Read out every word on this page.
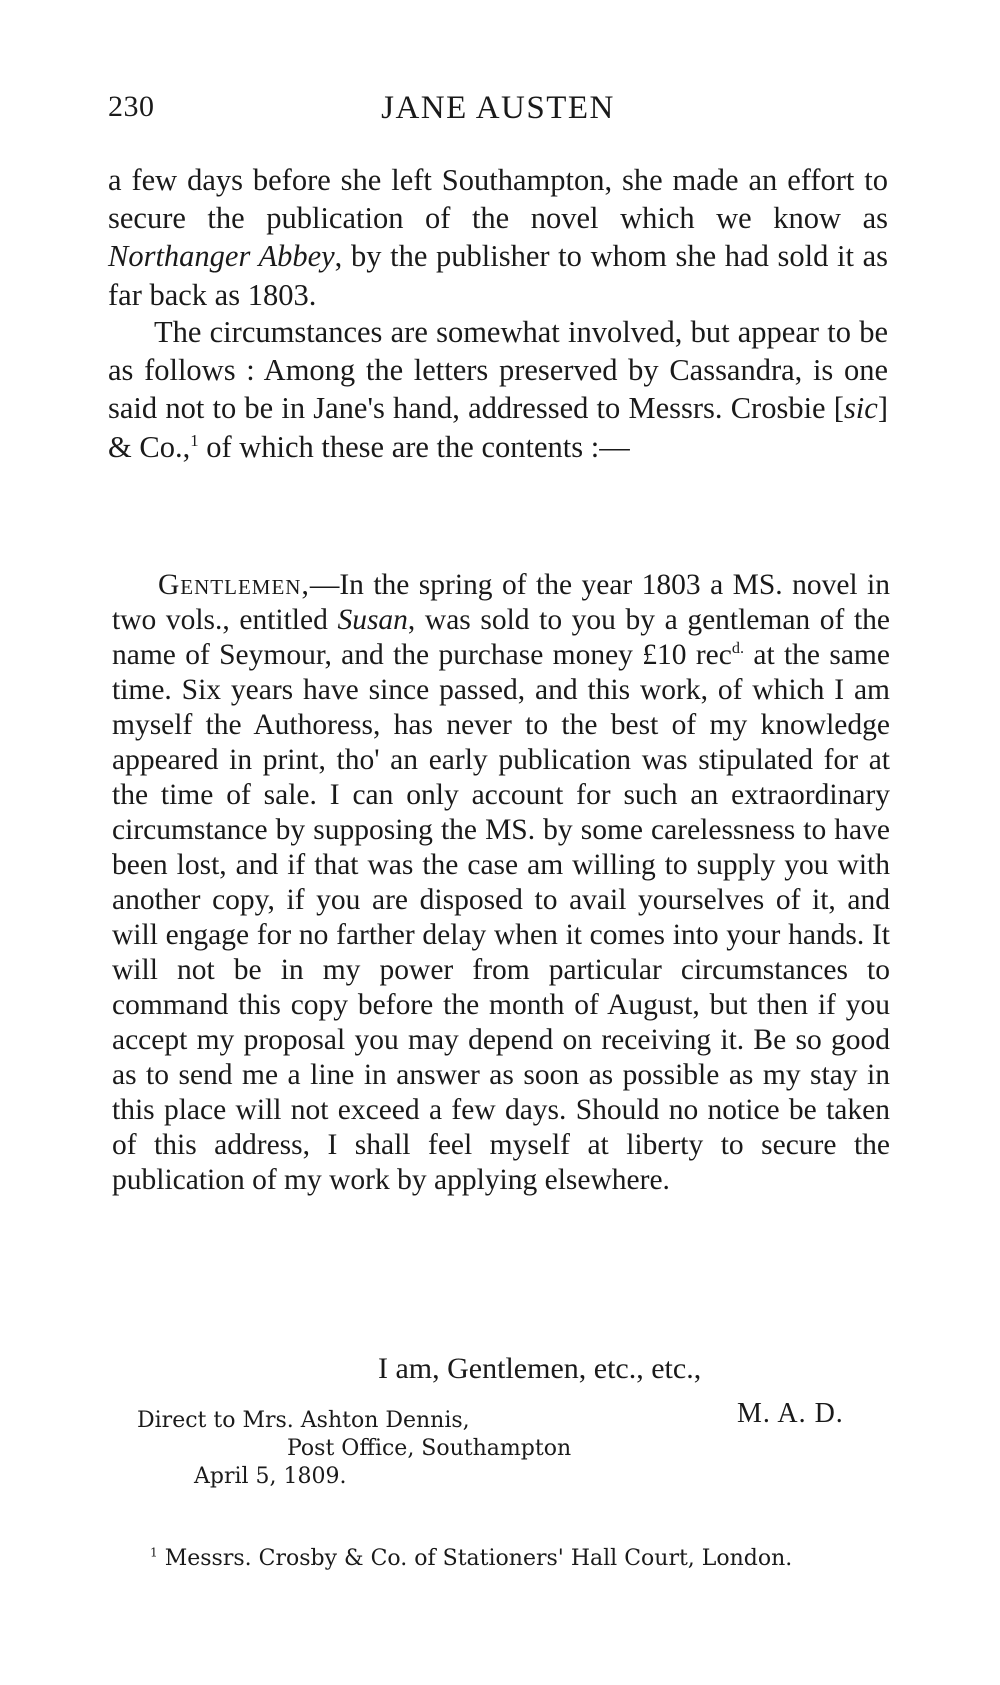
230	JANE AUSTEN

a few days before she left Southampton, she made an effort to secure the publication of the novel which we know as Northanger Abbey, by the publisher to whom she had sold it as far back as 1803.

The circumstances are somewhat involved, but appear to be as follows : Among the letters preserved by Cassandra, is one said not to be in Jane's hand, addressed to Messrs. Crosbie [sic] & Co.,$^1$ of which these are the contents :—

Gentlemen,—In the spring of the year 1803 a MS. novel in two vols., entitled Susan, was sold to you by a gentleman of the name of Seymour, and the purchase money £10 rec$^{d.}$ at the same time. Six years have since passed, and this work, of which I am myself the Authoress, has never to the best of my knowledge appeared in print, tho' an early publication was stipulated for at the time of sale. I can only account for such an extraordinary circumstance by supposing the MS. by some carelessness to have been lost, and if that was the case am willing to supply you with another copy, if you are disposed to avail yourselves of it, and will engage for no farther delay when it comes into your hands. It will not be in my power from particular circumstances to command this copy before the month of August, but then if you accept my proposal you may depend on receiving it. Be so good as to send me a line in answer as soon as possible as my stay in this place will not exceed a few days. Should no notice be taken of this address, I shall feel myself at liberty to secure the publication of my work by applying elsewhere.

I am, Gentlemen, etc., etc.,
M. A. D.
Direct to Mrs. Ashton Dennis,
Post Office, Southampton
April 5, 1809.
$^1$ Messrs. Crosby & Co. of Stationers' Hall Court, London.
